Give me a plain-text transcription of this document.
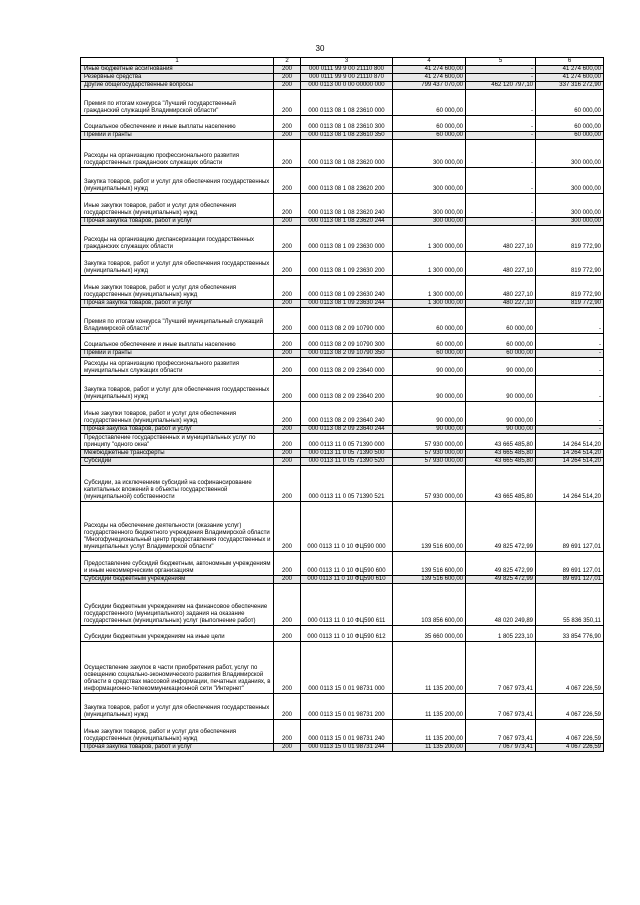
30
1	2	3	4	5	6
Иные бюджетные ассигнования	200	000 0111 99 9 00 21110 800	41 274 600,00	-	41 274 600,00
Резервные средства	200	000 0111 99 9 00 21110 870	41 274 600,00	-	41 274 600,00
Другие общегосударственные вопросы	200	000 0113 00 0 00 00000 000	799 437 070,00	462 120 797,10	337 316 272,90
Премия по итогам конкурса "Лучший государственный гражданский служащий Владимирской области"	200	000 0113 08 1 08 23610 000	60 000,00	-	60 000,00
Социальное обеспечение и иные выплаты населению	200	000 0113 08 1 08 23610 300	60 000,00	-	60 000,00
Премии и гранты	200	000 0113 08 1 08 23610 350	60 000,00	-	60 000,00
Расходы на организацию профессионального развития государственных гражданских служащих области	200	000 0113 08 1 08 23620 000	300 000,00	-	300 000,00
Закупка товаров, работ и услуг для обеспечения государственных (муниципальных) нужд	200	000 0113 08 1 08 23620 200	300 000,00	-	300 000,00
Иные закупки товаров, работ и услуг для обеспечения государственных (муниципальных) нужд	200	000 0113 08 1 08 23620 240	300 000,00	-	300 000,00
Прочая закупка товаров, работ и услуг	200	000 0113 08 1 08 23620 244	300 000,00	-	300 000,00
Расходы на организацию диспансеризации государственных гражданских служащих области	200	000 0113 08 1 09 23630 000	1 300 000,00	480 227,10	819 772,90
Закупка товаров, работ и услуг для обеспечения государственных (муниципальных) нужд	200	000 0113 08 1 09 23630 200	1 300 000,00	480 227,10	819 772,90
Иные закупки товаров, работ и услуг для обеспечения государственных (муниципальных) нужд	200	000 0113 08 1 09 23630 240	1 300 000,00	480 227,10	819 772,90
Прочая закупка товаров, работ и услуг	200	000 0113 08 1 09 23630 244	1 300 000,00	480 227,10	819 772,90
Премия по итогам конкурса "Лучший муниципальный служащий Владимирской области"	200	000 0113 08 2 09 10790 000	60 000,00	60 000,00	-
Социальное обеспечение и иные выплаты населению	200	000 0113 08 2 09 10790 300	60 000,00	60 000,00	-
Премии и гранты	200	000 0113 08 2 09 10790 350	60 000,00	60 000,00	-
Расходы на организацию профессионального развития муниципальных служащих области	200	000 0113 08 2 09 23640 000	90 000,00	90 000,00	-
Закупка товаров, работ и услуг для обеспечения государственных (муниципальных) нужд	200	000 0113 08 2 09 23640 200	90 000,00	90 000,00	-
Иные закупки товаров, работ и услуг для обеспечения государственных (муниципальных) нужд	200	000 0113 08 2 09 23640 240	90 000,00	90 000,00	-
Прочая закупка товаров, работ и услуг	200	000 0113 08 2 09 23640 244	90 000,00	90 000,00	-
Предоставление государственных и муниципальных услуг по принципу "одного окна"	200	000 0113 11 0 05 71390 000	57 930 000,00	43 665 485,80	14 264 514,20
Межбюджетные трансферты	200	000 0113 11 0 05 71390 500	57 930 000,00	43 665 485,80	14 264 514,20
Субсидии	200	000 0113 11 0 05 71390 520	57 930 000,00	43 665 485,80	14 264 514,20
Субсидии, за исключением субсидий на софинансирование капитальных вложений в объекты государственной (муниципальной) собственности	200	000 0113 11 0 05 71390 521	57 930 000,00	43 665 485,80	14 264 514,20
Расходы на обеспечение деятельности (оказание услуг) государственного бюджетного учреждения Владимирской области "Многофункциональный центр предоставления государственных и муниципальных услуг Владимирской области"	200	000 0113 11 0 10 ФЦ590 000	139 516 600,00	49 825 472,99	89 691 127,01
Предоставление субсидий бюджетным, автономным учреждениям и иным некоммерческим организациям	200	000 0113 11 0 10 ФЦ590 600	139 516 600,00	49 825 472,99	89 691 127,01
Субсидии бюджетным учреждениям	200	000 0113 11 0 10 ФЦ590 610	139 516 600,00	49 825 472,99	89 691 127,01
Субсидии бюджетным учреждениям на финансовое обеспечение государственного (муниципального) задания на оказание государственных (муниципальных) услуг (выполнение работ)	200	000 0113 11 0 10 ФЦ590 611	103 856 600,00	48 020 249,89	55 836 350,11
Субсидии бюджетным учреждениям на иные цели	200	000 0113 11 0 10 ФЦ590 612	35 660 000,00	1 805 223,10	33 854 776,90
Осуществление закупок в части приобретения работ, услуг по освещению социально-экономического развития Владимирской области в средствах массовой информации, печатных изданиях, в информационно-телекоммуникационной сети "Интернет"	200	000 0113 15 0 01 98731 000	11 135 200,00	7 067 973,41	4 067 226,59
Закупка товаров, работ и услуг для обеспечения государственных (муниципальных) нужд	200	000 0113 15 0 01 98731 200	11 135 200,00	7 067 973,41	4 067 226,59
Иные закупки товаров, работ и услуг для обеспечения государственных (муниципальных) нужд	200	000 0113 15 0 01 98731 240	11 135 200,00	7 067 973,41	4 067 226,59
Прочая закупка товаров, работ и услуг	200	000 0113 15 0 01 98731 244	11 135 200,00	7 067 973,41	4 067 226,59
